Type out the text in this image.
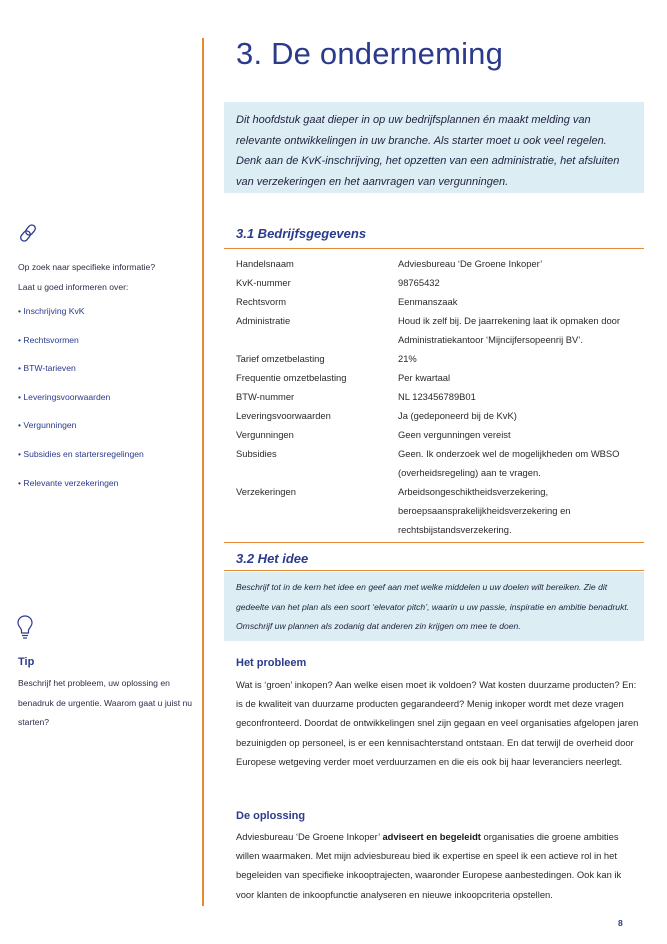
Op zoek naar specifieke informatie?
Laat u goed informeren over:
• Inschrijving KvK
• Rechtsvormen
• BTW-tarieven
• Leveringsvoorwaarden
• Vergunningen
• Subsidies en startersregelingen
• Relevante verzekeringen
Tip
Beschrijf het probleem, uw oplossing en benadruk de urgentie. Waarom gaat u juist nu starten?
3. De onderneming

Dit hoofdstuk gaat dieper in op uw bedrijfsplannen én maakt melding van relevante ontwikkelingen in uw branche. Als starter moet u ook veel regelen. Denk aan de KvK-inschrijving, het opzetten van een administratie, het afsluiten van verzekeringen en het aanvragen van vergunningen.

3.1 Bedrijfsgegevens
Handelsnaam	Adviesbureau ‘De Groene Inkoper’
KvK-nummer	98765432
Rechtsvorm	Eenmanszaak
Administratie	Houd ik zelf bij. De jaarrekening laat ik opmaken door Administratiekantoor ‘Mijncijfersopeenrij BV’.
Tarief omzetbelasting	21%
Frequentie omzetbelasting	Per kwartaal
BTW-nummer	NL 123456789B01
Leveringsvoorwaarden	Ja (gedeponeerd bij de KvK)
Vergunningen	Geen vergunningen vereist
Subsidies	Geen. Ik onderzoek wel de mogelijkheden om WBSO (overheidsregeling) aan te vragen.
Verzekeringen	Arbeidsongeschiktheidsverzekering, beroepsaansprakelijkheidsverzekering en rechtsbijstandsverzekering.
3.2 Het idee

Beschrijf tot in de kern het idee en geef aan met welke middelen u uw doelen wilt bereiken. Zie dit gedeelte van het plan als een soort ‘elevator pitch’, waarin u uw passie, inspiratie en ambitie benadrukt. Omschrijf uw plannen als zodanig dat anderen zin krijgen om mee te doen.

Het probleem

Wat is ‘groen’ inkopen? Aan welke eisen moet ik voldoen? Wat kosten duurzame producten? En: is de kwaliteit van duurzame producten gegarandeerd? Menig inkoper wordt met deze vragen geconfronteerd. Doordat de ontwikkelingen snel zijn gegaan en veel organisaties afgelopen jaren bezuinigden op personeel, is er een kennisachterstand ontstaan. En dat terwijl de overheid door Europese wetgeving verder moet verduurzamen en die eis ook bij haar leveranciers neerlegt.

De oplossing

Adviesbureau ‘De Groene Inkoper’ adviseert en begeleidt organisaties die groene ambities willen waarmaken. Met mijn adviesbureau bied ik expertise en speel ik een actieve rol in het begeleiden van specifieke inkooptrajecten, waaronder Europese aanbestedingen. Ook kan ik voor klanten de inkoopfunctie analyseren en nieuwe inkoopcriteria opstellen.

8
